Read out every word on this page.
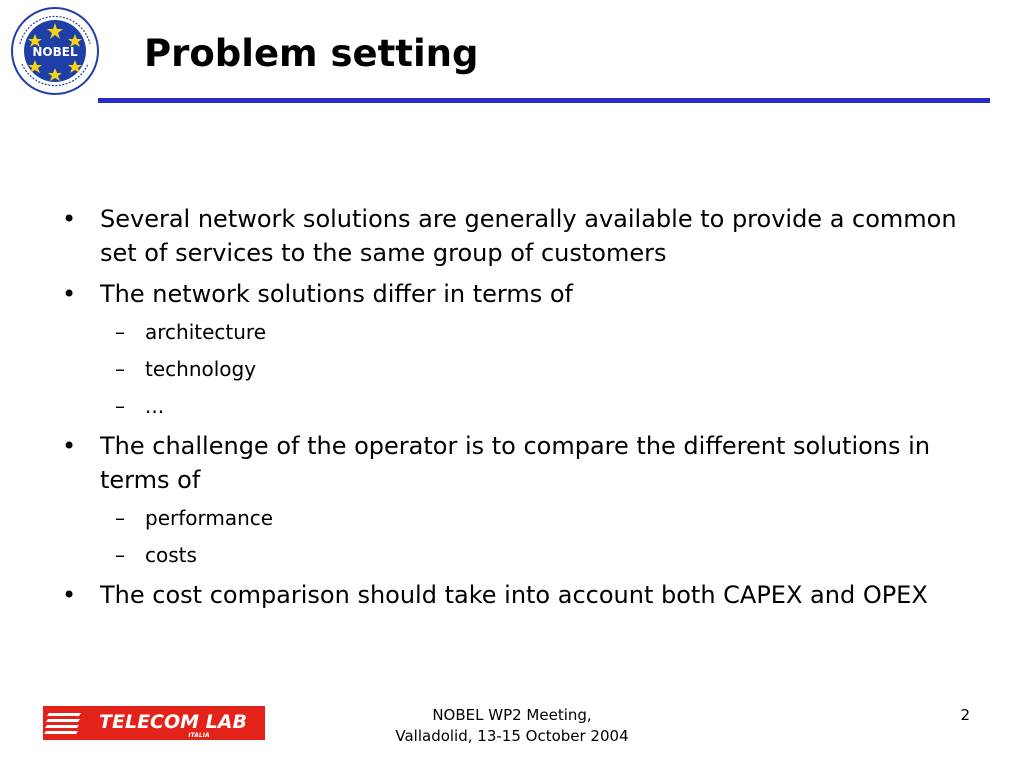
NOBEL Problem setting
• Several network solutions are generally available to provide a common set of services to the same group of customers
• The network solutions differ in terms of
– architecture
– technology
– ...
• The challenge of the operator is to compare the different solutions in terms of
– performance
– costs
• The cost comparison should take into account both CAPEX and OPEX
TELECOM LAB
ITALIA
NOBEL WP2 Meeting,
Valladolid, 13-15 October 2004
2
